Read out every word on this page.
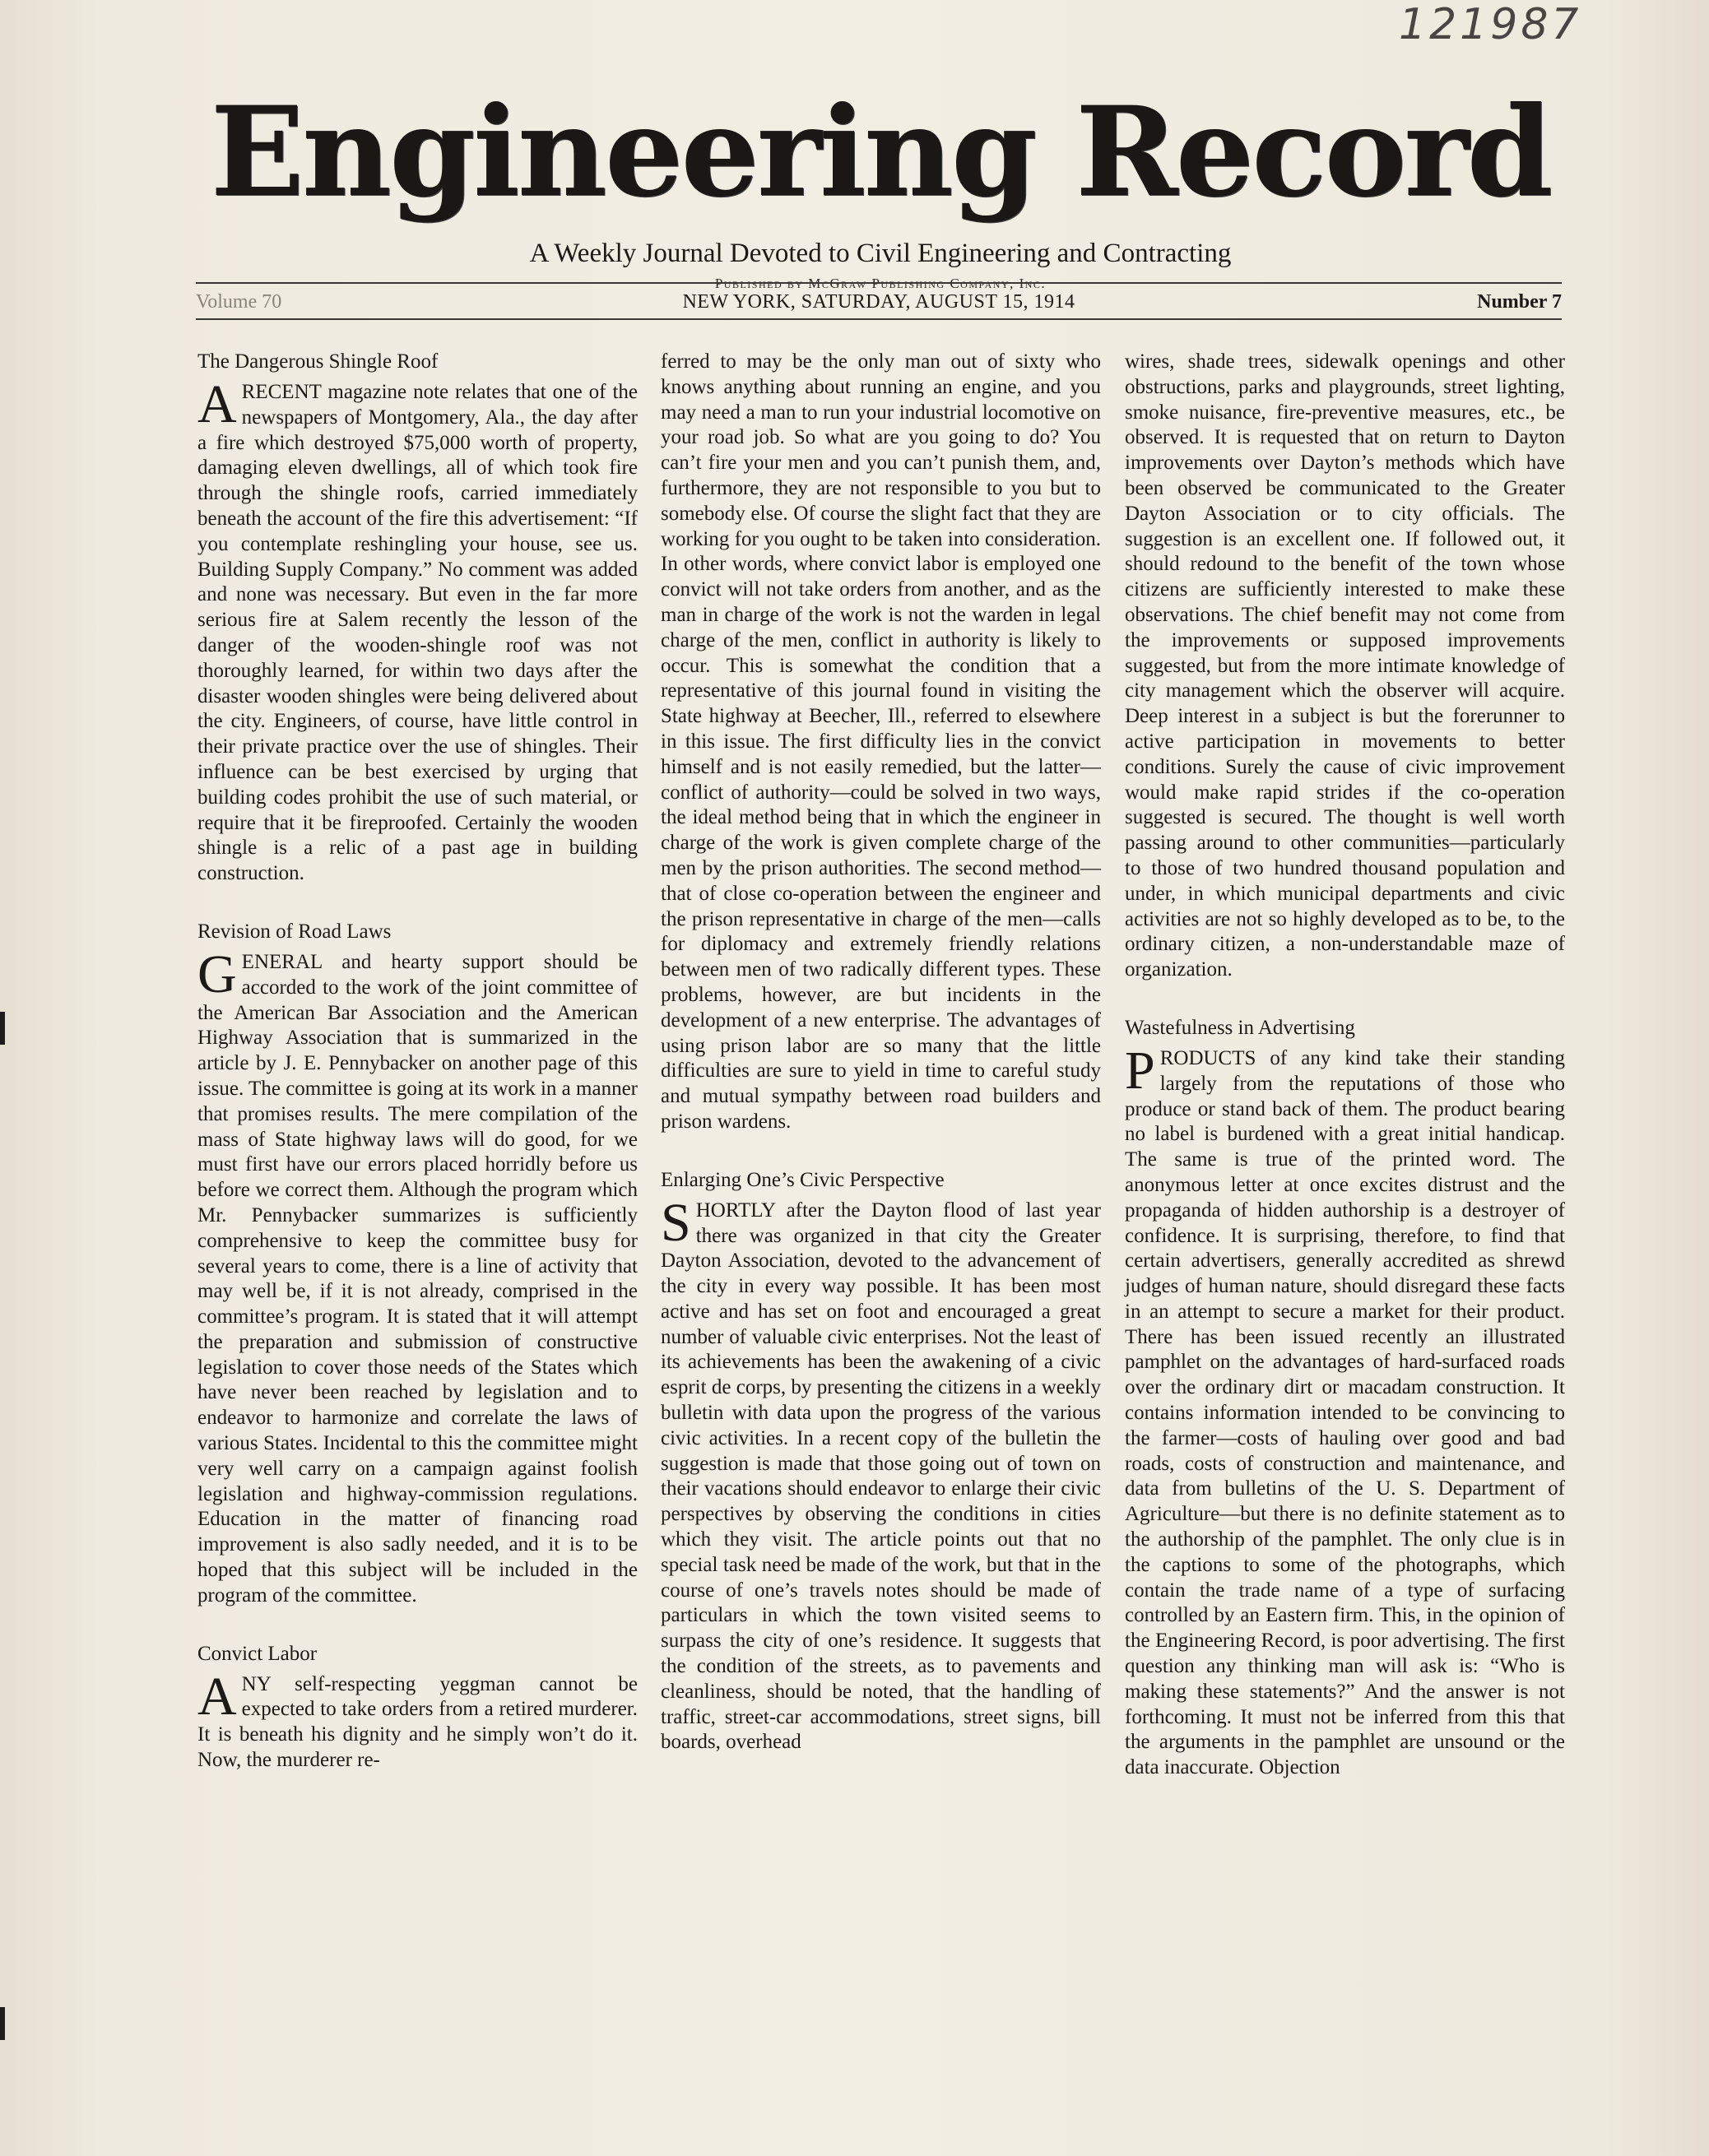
121987
Engineering Record
A Weekly Journal Devoted to Civil Engineering and Contracting
Published by McGraw Publishing Company, Inc.
Volume 70	NEW YORK, SATURDAY, AUGUST 15, 1914	Number 7
The Dangerous Shingle Roof

ARECENT magazine note relates that one of the newspapers of Montgomery, Ala., the day after a fire which destroyed $75,000 worth of property, damaging eleven dwellings, all of which took fire through the shingle roofs, carried immediately beneath the account of the fire this advertisement: “If you contemplate reshingling your house, see us. Building Supply Company.” No comment was added and none was necessary. But even in the far more serious fire at Salem recently the lesson of the danger of the wooden-shingle roof was not thoroughly learned, for within two days after the disaster wooden shingles were being delivered about the city. Engineers, of course, have little control in their private practice over the use of shingles. Their influence can be best exercised by urging that building codes prohibit the use of such material, or require that it be fireproofed. Certainly the wooden shingle is a relic of a past age in building construction.

Revision of Road Laws

GENERAL and hearty support should be accorded to the work of the joint committee of the American Bar Association and the American Highway Association that is summarized in the article by J. E. Pennybacker on another page of this issue. The committee is going at its work in a manner that promises results. The mere compilation of the mass of State highway laws will do good, for we must first have our errors placed horridly before us before we correct them. Although the program which Mr. Pennybacker summarizes is sufficiently comprehensive to keep the committee busy for several years to come, there is a line of activity that may well be, if it is not already, comprised in the committee’s program. It is stated that it will attempt the preparation and submission of constructive legislation to cover those needs of the States which have never been reached by legislation and to endeavor to harmonize and correlate the laws of various States. Incidental to this the committee might very well carry on a campaign against foolish legislation and highway-commission regulations. Education in the matter of financing road improvement is also sadly needed, and it is to be hoped that this subject will be included in the program of the committee.

Convict Labor

ANY self-respecting yeggman cannot be expected to take orders from a retired murderer. It is beneath his dignity and he simply won’t do it. Now, the murderer re-

ferred to may be the only man out of sixty who knows anything about running an engine, and you may need a man to run your industrial locomotive on your road job. So what are you going to do? You can’t fire your men and you can’t punish them, and, furthermore, they are not responsible to you but to somebody else. Of course the slight fact that they are working for you ought to be taken into consideration. In other words, where convict labor is employed one convict will not take orders from another, and as the man in charge of the work is not the warden in legal charge of the men, conflict in authority is likely to occur. This is somewhat the condition that a representative of this journal found in visiting the State highway at Beecher, Ill., referred to elsewhere in this issue. The first difficulty lies in the convict himself and is not easily remedied, but the latter—conflict of authority—could be solved in two ways, the ideal method being that in which the engineer in charge of the work is given complete charge of the men by the prison authorities. The second method—that of close co-operation between the engineer and the prison representative in charge of the men—calls for diplomacy and extremely friendly relations between men of two radically different types. These problems, however, are but incidents in the development of a new enterprise. The advantages of using prison labor are so many that the little difficulties are sure to yield in time to careful study and mutual sympathy between road builders and prison wardens.

Enlarging One’s Civic Perspective

SHORTLY after the Dayton flood of last year there was organized in that city the Greater Dayton Association, devoted to the advancement of the city in every way possible. It has been most active and has set on foot and encouraged a great number of valuable civic enterprises. Not the least of its achievements has been the awakening of a civic esprit de corps, by presenting the citizens in a weekly bulletin with data upon the progress of the various civic activities. In a recent copy of the bulletin the suggestion is made that those going out of town on their vacations should endeavor to enlarge their civic perspectives by observing the conditions in cities which they visit. The article points out that no special task need be made of the work, but that in the course of one’s travels notes should be made of particulars in which the town visited seems to surpass the city of one’s residence. It suggests that the condition of the streets, as to pavements and cleanliness, should be noted, that the handling of traffic, street-car accommodations, street signs, bill boards, overhead

wires, shade trees, sidewalk openings and other obstructions, parks and playgrounds, street lighting, smoke nuisance, fire-preventive measures, etc., be observed. It is requested that on return to Dayton improvements over Dayton’s methods which have been observed be communicated to the Greater Dayton Association or to city officials. The suggestion is an excellent one. If followed out, it should redound to the benefit of the town whose citizens are sufficiently interested to make these observations. The chief benefit may not come from the improvements or supposed improvements suggested, but from the more intimate knowledge of city management which the observer will acquire. Deep interest in a subject is but the forerunner to active participation in movements to better conditions. Surely the cause of civic improvement would make rapid strides if the co-operation suggested is secured. The thought is well worth passing around to other communities—particularly to those of two hundred thousand population and under, in which municipal departments and civic activities are not so highly developed as to be, to the ordinary citizen, a non-understandable maze of organization.

Wastefulness in Advertising

PRODUCTS of any kind take their standing largely from the reputations of those who produce or stand back of them. The product bearing no label is burdened with a great initial handicap. The same is true of the printed word. The anonymous letter at once excites distrust and the propaganda of hidden authorship is a destroyer of confidence. It is surprising, therefore, to find that certain advertisers, generally accredited as shrewd judges of human nature, should disregard these facts in an attempt to secure a market for their product. There has been issued recently an illustrated pamphlet on the advantages of hard-surfaced roads over the ordinary dirt or macadam construction. It contains information intended to be convincing to the farmer—costs of hauling over good and bad roads, costs of construction and maintenance, and data from bulletins of the U. S. Department of Agriculture—but there is no definite statement as to the authorship of the pamphlet. The only clue is in the captions to some of the photographs, which contain the trade name of a type of surfacing controlled by an Eastern firm. This, in the opinion of the Engineering Record, is poor advertising. The first question any thinking man will ask is: “Who is making these statements?” And the answer is not forthcoming. It must not be inferred from this that the arguments in the pamphlet are unsound or the data inaccurate. Objection
